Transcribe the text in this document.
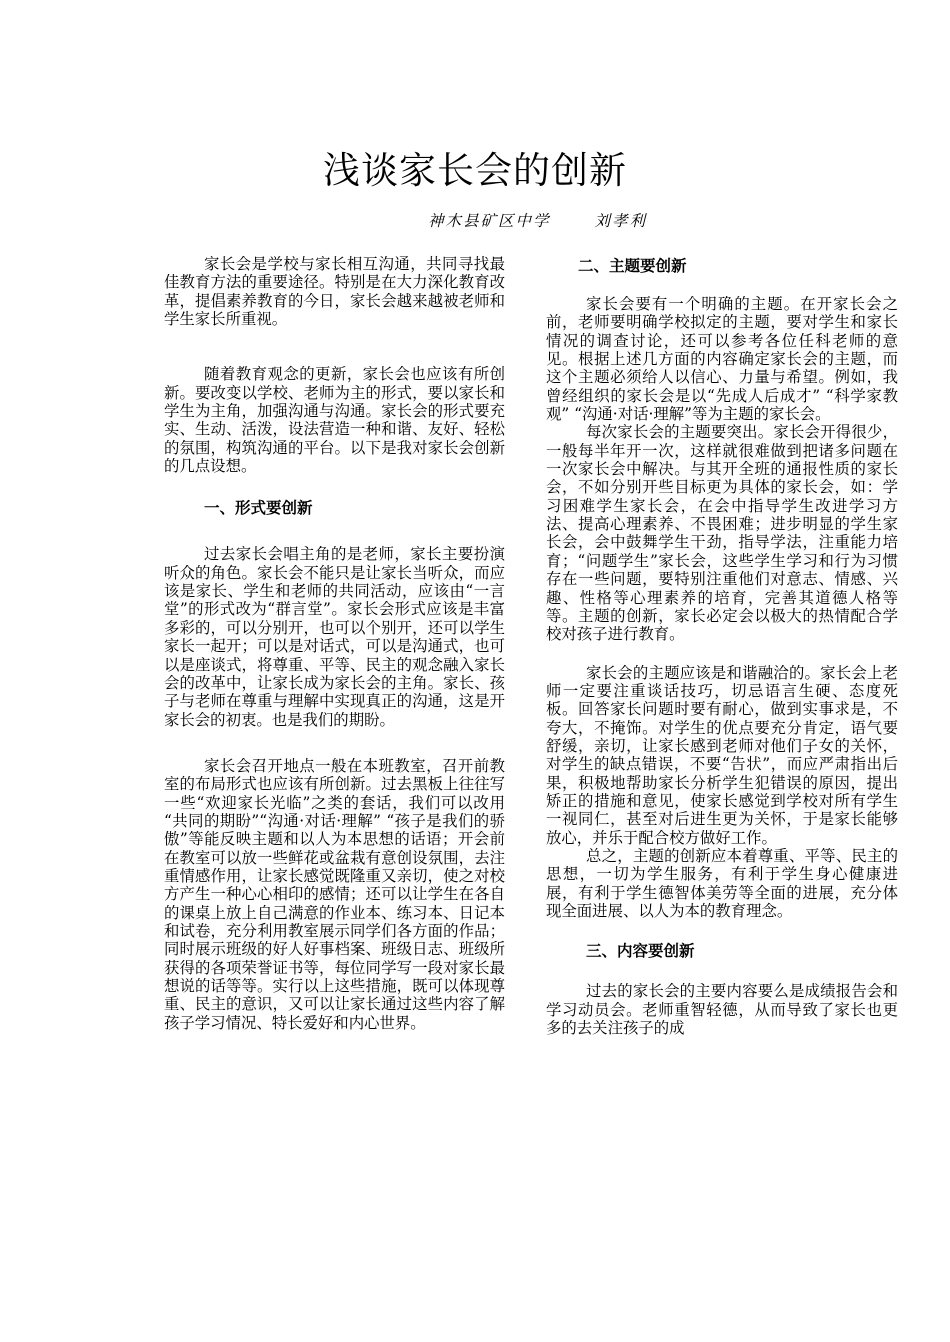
浅谈家长会的创新
神木县矿区中学	刘孝利

家长会是学校与家长相互沟通，共同寻找最佳教育方法的重要途径。特别是在大力深化教育改革，提倡素养教育的今日，家长会越来越被老师和学生家长所重视。

随着教育观念的更新，家长会也应该有所创新。要改变以学校、老师为主的形式，要以家长和学生为主角，加强沟通与沟通。家长会的形式要充实、生动、活泼，设法营造一种和谐、友好、轻松的氛围，构筑沟通的平台。以下是我对家长会创新的几点设想。

一、形式要创新

过去家长会唱主角的是老师，家长主要扮演听众的角色。家长会不能只是让家长当听众，而应该是家长、学生和老师的共同活动，应该由“一言堂”的形式改为“群言堂”。家长会形式应该是丰富多彩的，可以分别开，也可以个别开，还可以学生家长一起开；可以是对话式，可以是沟通式，也可以是座谈式，将尊重、平等、民主的观念融入家长会的改革中，让家长成为家长会的主角。家长、孩子与老师在尊重与理解中实现真正的沟通，这是开家长会的初衷。也是我们的期盼。

家长会召开地点一般在本班教室，召开前教室的布局形式也应该有所创新。过去黑板上往往写一些“欢迎家长光临”之类的套话，我们可以改用 “共同的期盼”“沟通·对话·理解” “孩子是我们的骄傲”等能反映主题和以人为本思想的话语；开会前在教室可以放一些鲜花或盆栽有意创设氛围，去注重情感作用，让家长感觉既隆重又亲切，使之对校方产生一种心心相印的感情；还可以让学生在各自的课桌上放上自己满意的作业本、练习本、日记本和试卷，充分利用教室展示同学们各方面的作品；同时展示班级的好人好事档案、班级日志、班级所获得的各项荣誉证书等，每位同学写一段对家长最想说的话等等。实行以上这些措施，既可以体现尊重、民主的意识，又可以让家长通过这些内容了解孩子学习情况、特长爱好和内心世界。

二、主题要创新

家长会要有一个明确的主题。在开家长会之前，老师要明确学校拟定的主题，要对学生和家长情况的调查讨论，还可以参考各位任科老师的意见。根据上述几方面的内容确定家长会的主题，而这个主题必须给人以信心、力量与希望。例如，我曾经组织的家长会是以“先成人后成才” “科学家教观” “沟通·对话·理解”等为主题的家长会。

每次家长会的主题要突出。家长会开得很少，一般每半年开一次，这样就很难做到把诸多问题在一次家长会中解决。与其开全班的通报性质的家长会，不如分别开些目标更为具体的家长会，如：学习困难学生家长会，在会中指导学生改进学习方法、提高心理素养、不畏困难；进步明显的学生家长会，会中鼓舞学生干劲，指导学法，注重能力培育；“问题学生”家长会，这些学生学习和行为习惯存在一些问题，要特别注重他们对意志、情感、兴趣、性格等心理素养的培育，完善其道德人格等等。主题的创新，家长必定会以极大的热情配合学校对孩子进行教育。

家长会的主题应该是和谐融洽的。家长会上老师一定要注重谈话技巧，切忌语言生硬、态度死板。回答家长问题时要有耐心，做到实事求是，不夸大，不掩饰。对学生的优点要充分肯定，语气要舒缓，亲切，让家长感到老师对他们子女的关怀，对学生的缺点错误，不要“告状”，而应严肃指出后果，积极地帮助家长分析学生犯错误的原因，提出矫正的措施和意见，使家长感觉到学校对所有学生一视同仁，甚至对后进生更为关怀，于是家长能够放心，并乐于配合校方做好工作。

总之，主题的创新应本着尊重、平等、民主的思想，一切为学生服务，有利于学生身心健康进展，有利于学生德智体美劳等全面的进展，充分体现全面进展、以人为本的教育理念。

三、内容要创新

过去的家长会的主要内容要么是成绩报告会和学习动员会。老师重智轻德，从而导致了家长也更多的去关注孩子的成
